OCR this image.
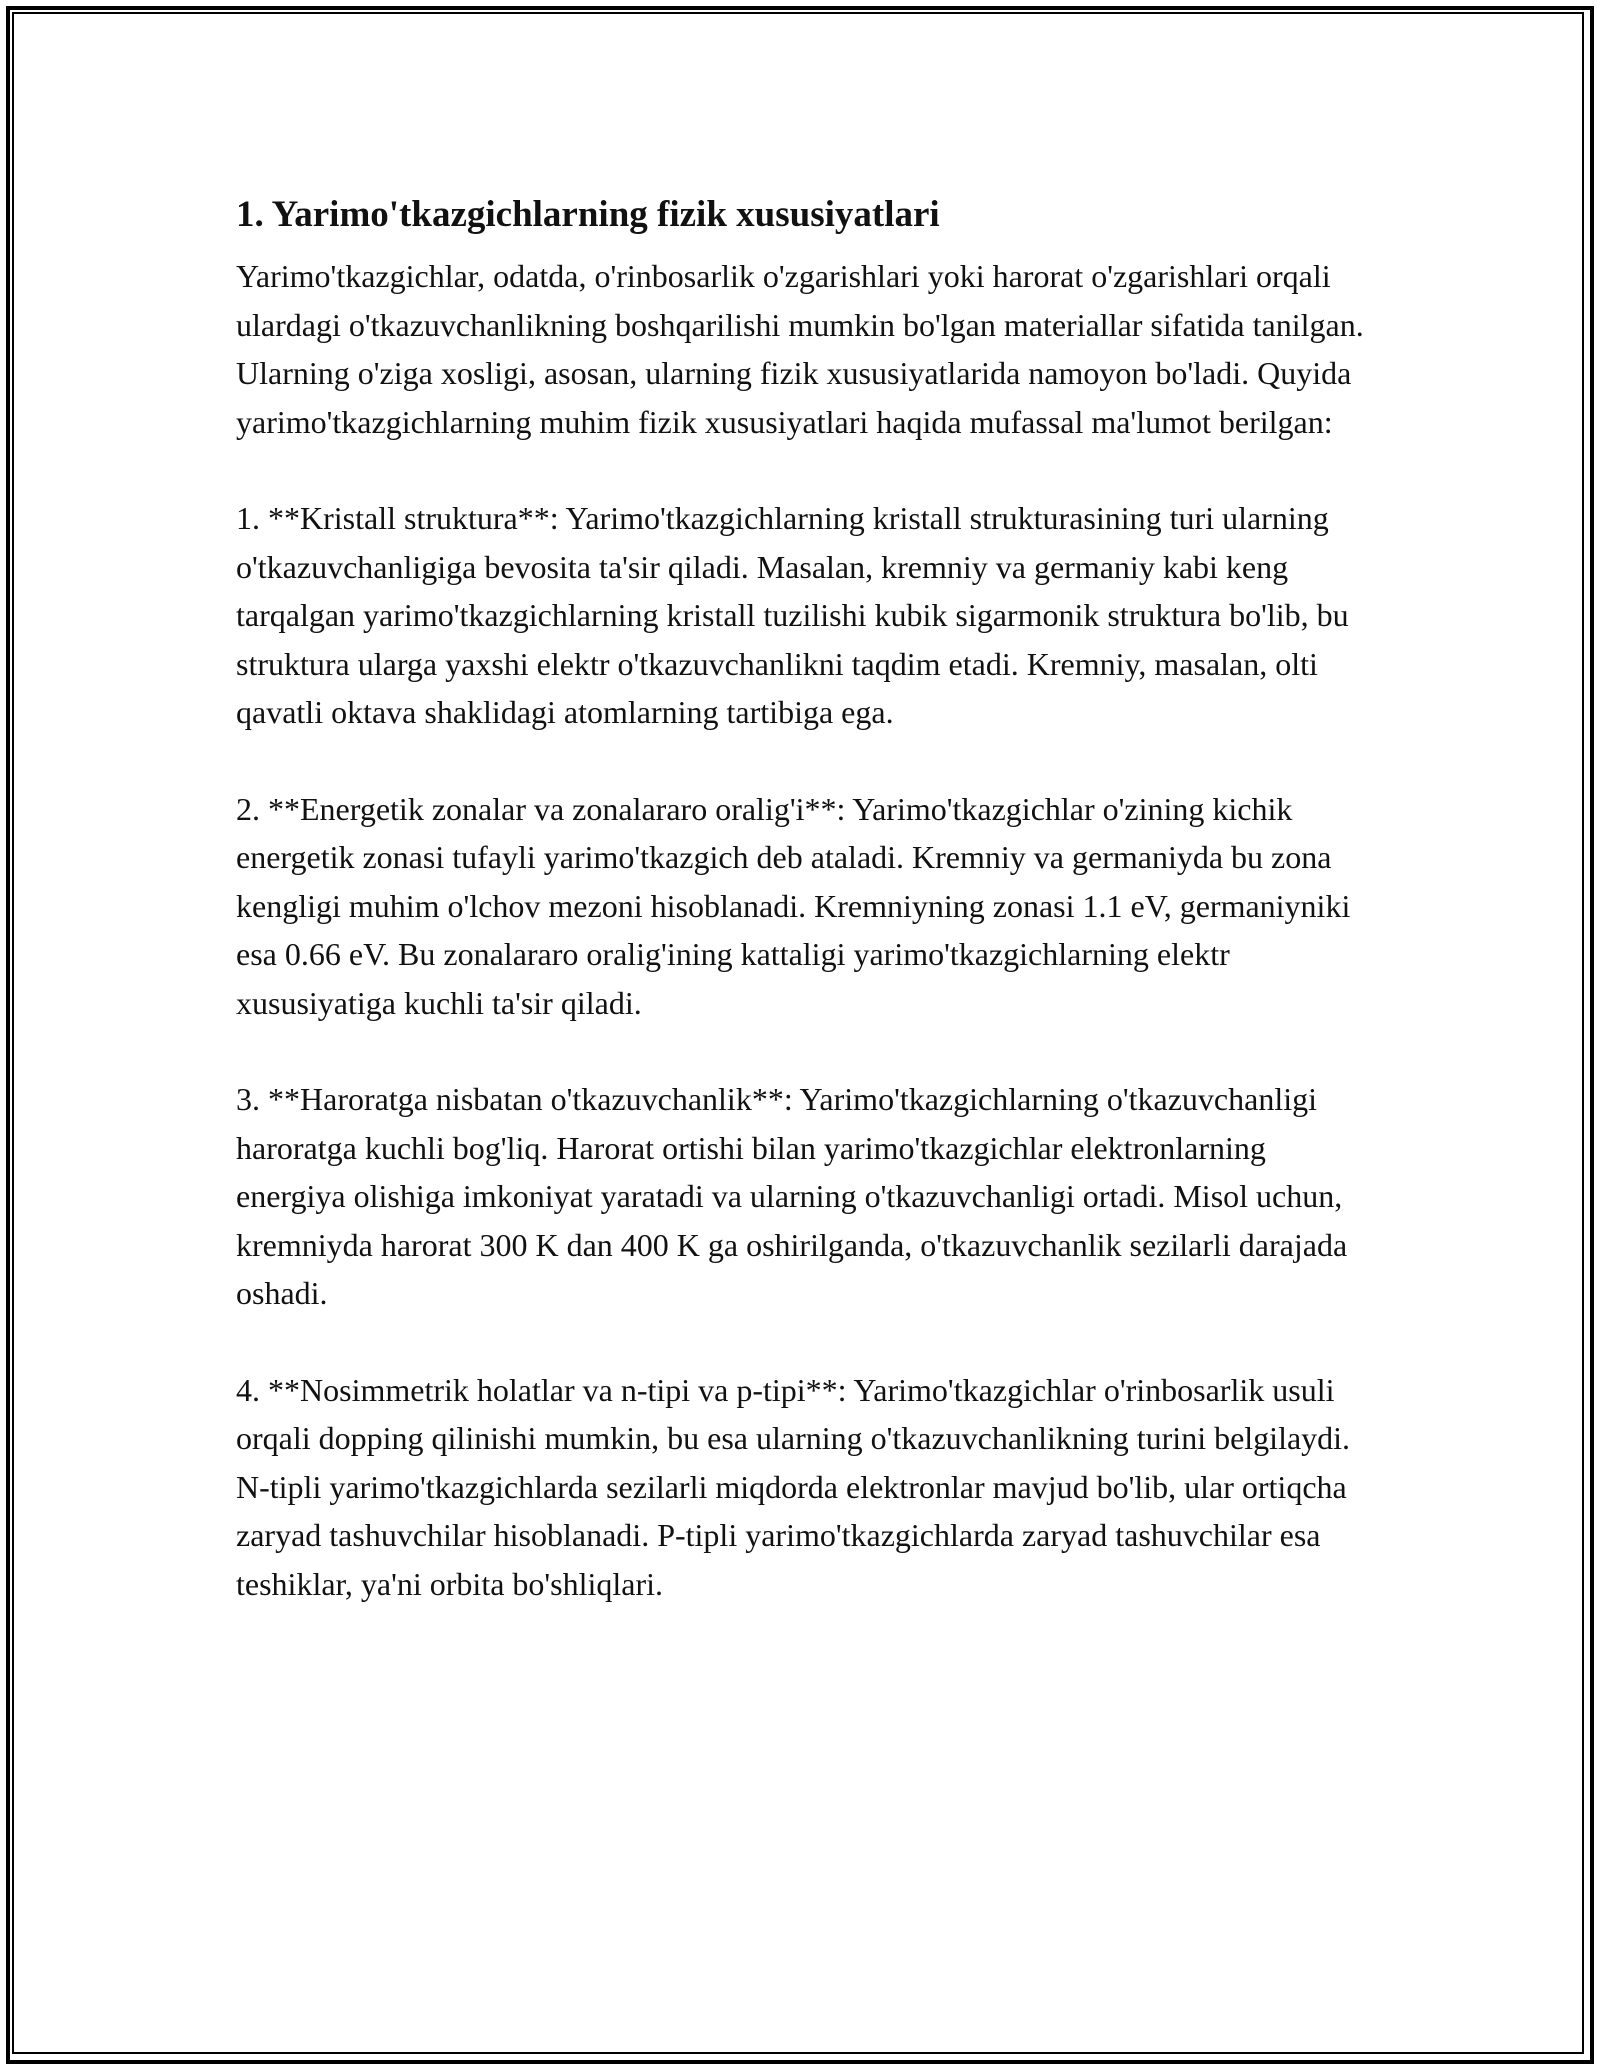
1. Yarimo'tkazgichlarning fizik xususiyatlari

Yarimo'tkazgichlar, odatda, o'rinbosarlik o'zgarishlari yoki harorat o'zgarishlari orqali ulardagi o'tkazuvchanlikning boshqarilishi mumkin bo'lgan materiallar sifatida tanilgan. Ularning o'ziga xosligi, asosan, ularning fizik xususiyatlarida namoyon bo'ladi. Quyida yarimo'tkazgichlarning muhim fizik xususiyatlari haqida mufassal ma'lumot berilgan:

1. **Kristall struktura**: Yarimo'tkazgichlarning kristall strukturasining turi ularning o'tkazuvchanligiga bevosita ta'sir qiladi. Masalan, kremniy va germaniy kabi keng tarqalgan yarimo'tkazgichlarning kristall tuzilishi kubik sigarmonik struktura bo'lib, bu struktura ularga yaxshi elektr o'tkazuvchanlikni taqdim etadi. Kremniy, masalan, olti qavatli oktava shaklidagi atomlarning tartibiga ega.

2. **Energetik zonalar va zonalararo oralig'i**: Yarimo'tkazgichlar o'zining kichik energetik zonasi tufayli yarimo'tkazgich deb ataladi. Kremniy va germaniyda bu zona kengligi muhim o'lchov mezoni hisoblanadi. Kremniyning zonasi 1.1 eV, germaniyniki esa 0.66 eV. Bu zonalararo oralig'ining kattaligi yarimo'tkazgichlarning elektr xususiyatiga kuchli ta'sir qiladi.

3. **Haroratga nisbatan o'tkazuvchanlik**: Yarimo'tkazgichlarning o'tkazuvchanligi haroratga kuchli bog'liq. Harorat ortishi bilan yarimo'tkazgichlar elektronlarning energiya olishiga imkoniyat yaratadi va ularning o'tkazuvchanligi ortadi. Misol uchun, kremniyda harorat 300 K dan 400 K ga oshirilganda, o'tkazuvchanlik sezilarli darajada oshadi.

4. **Nosimmetrik holatlar va n-tipi va p-tipi**: Yarimo'tkazgichlar o'rinbosarlik usuli orqali dopping qilinishi mumkin, bu esa ularning o'tkazuvchanlikning turini belgilaydi. N-tipli yarimo'tkazgichlarda sezilarli miqdorda elektronlar mavjud bo'lib, ular ortiqcha zaryad tashuvchilar hisoblanadi. P-tipli yarimo'tkazgichlarda zaryad tashuvchilar esa teshiklar, ya'ni orbita bo'shliqlari.
